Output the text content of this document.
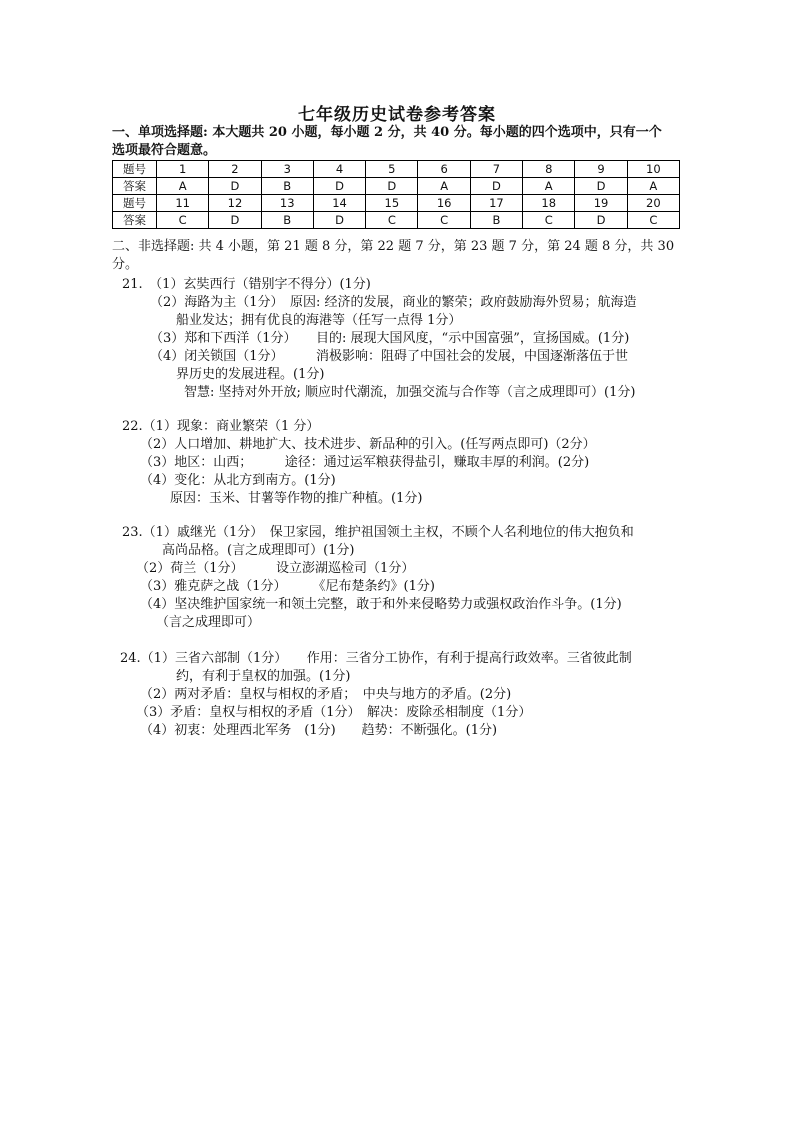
七年级历史试卷参考答案
一、单项选择题: 本大题共 20 小题，每小题 2 分，共 40 分。每小题的四个选项中，只有一个
选项最符合题意。
题号	1	2	3	4	5	6	7	8	9	10
答案	A	D	B	D	D	A	D	A	D	A
题号	11	12	13	14	15	16	17	18	19	20
答案	C	D	B	D	C	C	B	C	D	C
二、非选择题: 共 4 小题，第 21 题 8 分，第 22 题 7 分，第 23 题 7 分，第 24 题 8 分，共 30
分。
21.　（1）玄奘西行（错别字不得分）(1分)
（2）海路为主（1分）　原因: 经济的发展，商业的繁荣；政府鼓励海外贸易；航海造
船业发达；拥有优良的海港等（任写一点得 1分）
（3）郑和下西洋（1分）　　目的: 展现大国风度，“示中国富强”，宣扬国威。(1分)
（4）闭关锁国（1分）　　　消极影响：阻碍了中国社会的发展，中国逐渐落伍于世
界历史的发展进程。(1分)
智慧: 坚持对外开放; 顺应时代潮流，加强交流与合作等（言之成理即可）(1分)
22.（1）现象：商业繁荣（1 分）
（2）人口增加、耕地扩大、技术进步、新品种的引入。(任写两点即可)（2分）
（3）地区：山西；　　　途径：通过运军粮获得盐引，赚取丰厚的利润。(2分)
（4）变化：从北方到南方。(1分)
原因：玉米、甘薯等作物的推广种植。(1分)
23.（1）戚继光（1分）　保卫家园，维护祖国领土主权，不顾个人名利地位的伟大抱负和
高尚品格。(言之成理即可）(1分)
（2）荷兰（1分）　　　设立澎湖巡检司（1分）
（3）雅克萨之战（1分）　　　《尼布楚条约》(1分)
（4）坚决维护国家统一和领土完整，敢于和外来侵略势力或强权政治作斗争。(1分)
（言之成理即可）
24.（1）三省六部制（1分）　　作用：三省分工协作，有利于提高行政效率。三省彼此制
约，有利于皇权的加强。(1分)
（2）两对矛盾：皇权与相权的矛盾；　中央与地方的矛盾。(2分)
（3）矛盾：皇权与相权的矛盾（1分）　解决：废除丞相制度（1分）
（4）初衷：处理西北军务　(1分)　　趋势：不断强化。(1分)
